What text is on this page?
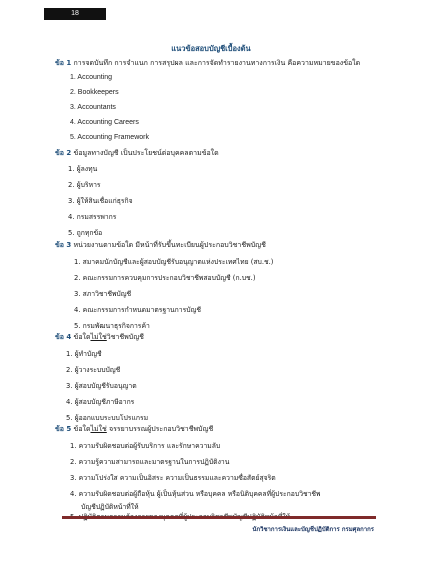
18
แนวข้อสอบบัญชีเบื้องต้น
ข้อ 1 การจดบันทึก การจำแนก การสรุปผล และการจัดทำรายงานทางการเงิน คือความหมายของข้อใด
1. Accounting
2. Bookkeepers
3. Accountants
4. Accounting Careers
5. Accounting Framework
ข้อ 2 ข้อมูลทางบัญชี เป็นประโยชน์ต่อบุคคลตามข้อใด
1. ผู้ลงทุน
2. ผู้บริหาร
3. ผู้ให้สินเชื่อแก่ธุรกิจ
4. กรมสรรพากร
5. ถูกทุกข้อ
ข้อ 3 หน่วยงานตามข้อใด มีหน้าที่รับขึ้นทะเบียนผู้ประกอบวิชาชีพบัญชี
1. สมาคมนักบัญชีและผู้สอบบัญชีรับอนุญาตแห่งประเทศไทย (สบ.ช.)
2. คณะกรรมการควบคุมการประกอบวิชาชีพสอบบัญชี (ก.บช.)
3. สภาวิชาชีพบัญชี
4. คณะกรรมการกำหนดมาตรฐานการบัญชี
5. กรมพัฒนาธุรกิจการค้า
ข้อ 4 ข้อใดไม่ใช่วิชาชีพบัญชี
1. ผู้ทำบัญชี
2. ผู้วางระบบบัญชี
3. ผู้สอบบัญชีรับอนุญาต
4. ผู้สอบบัญชีภาษีอากร
5. ผู้ออกแบบระบบโปรแกรม
ข้อ 5 ข้อใดไม่ใช่ จรรยาบรรณผู้ประกอบวิชาชีพบัญชี
1. ความรับผิดชอบต่อผู้รับบริการ และรักษาความลับ
2. ความรู้ความสามารถและมาตรฐานในการปฏิบัติงาน
3. ความโปร่งใส ความเป็นอิสระ ความเป็นธรรมและความซื่อสัตย์สุจริต
4. ความรับผิดชอบต่อผู้ถือหุ้น ผู้เป็นหุ้นส่วน หรือบุคคล หรือนิติบุคคลที่ผู้ประกอบวิชาชีพ
บัญชีปฏิบัติหน้าที่ให้
นักวิชาการเงินและบัญชีปฏิบัติการ กรมศุลกากร
